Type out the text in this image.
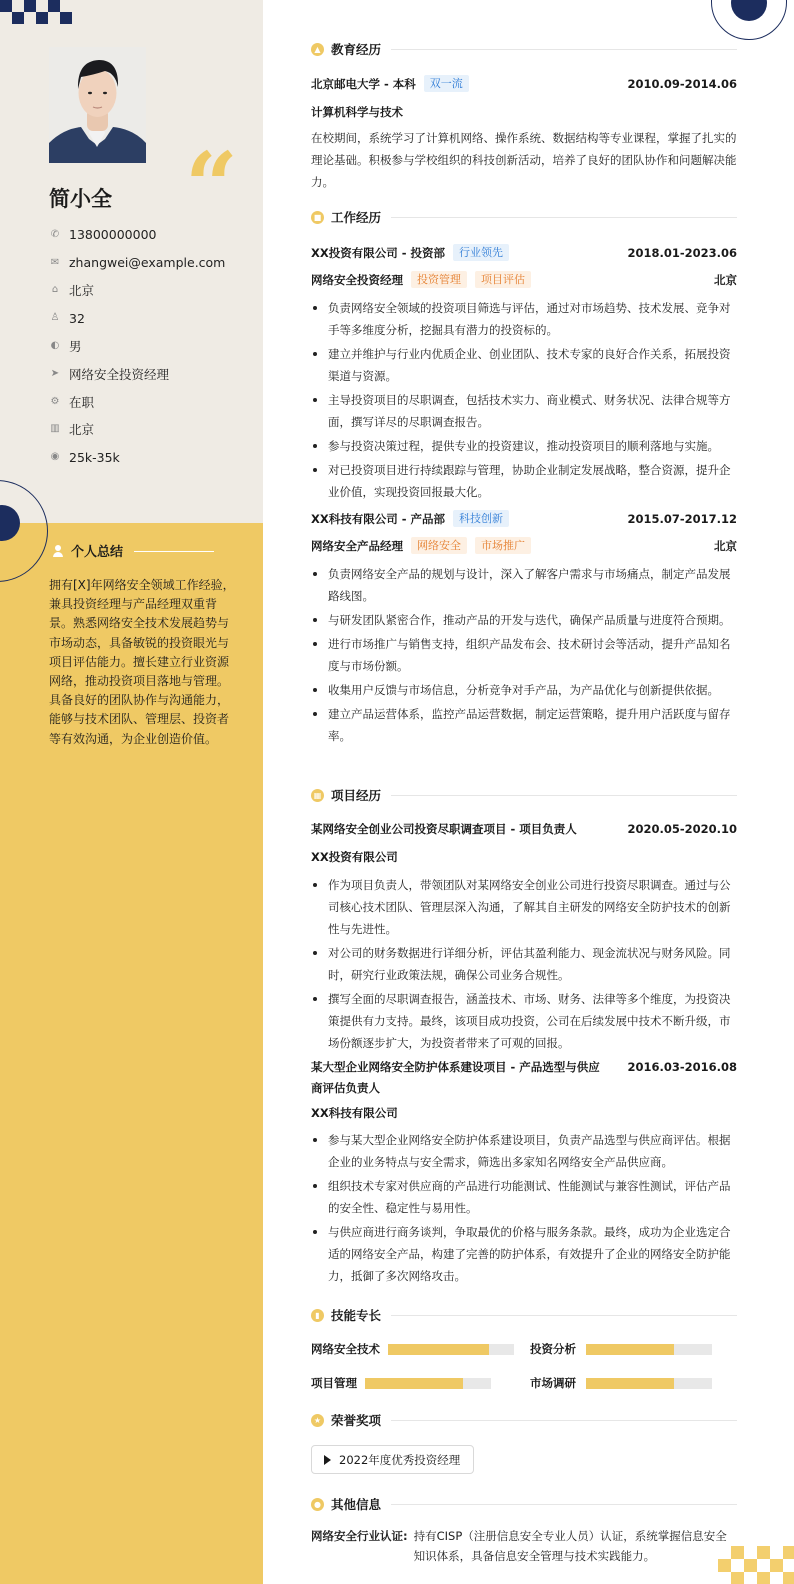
“
简小全
✆ 13800000000
✉ zhangwei@example.com
⌂ 北京
♙ 32
◐ 男
➤ 网络安全投资经理
⚙ 在职
▥ 北京
◉ 25k-35k
个人总结
拥有[X]年网络安全领域工作经验，兼具投资经理与产品经理双重背景。熟悉网络安全技术发展趋势与市场动态，具备敏锐的投资眼光与项目评估能力。擅长建立行业资源网络，推动投资项目落地与管理。具备良好的团队协作与沟通能力，能够与技术团队、管理层、投资者等有效沟通，为企业创造价值。
▲ 教育经历
北京邮电大学 - 本科	双一流	2010.09-2014.06
计算机科学与技术
在校期间，系统学习了计算机网络、操作系统、数据结构等专业课程，掌握了扎实的理论基础。积极参与学校组织的科技创新活动，培养了良好的团队协作和问题解决能力。
■ 工作经历
XX投资有限公司 - 投资部	行业领先	2018.01-2023.06
网络安全投资经理	投资管理	项目评估	北京
负责网络安全领域的投资项目筛选与评估，通过对市场趋势、技术发展、竞争对手等多维度分析，挖掘具有潜力的投资标的。
建立并维护与行业内优质企业、创业团队、技术专家的良好合作关系，拓展投资渠道与资源。
主导投资项目的尽职调查，包括技术实力、商业模式、财务状况、法律合规等方面，撰写详尽的尽职调查报告。
参与投资决策过程，提供专业的投资建议，推动投资项目的顺利落地与实施。
对已投资项目进行持续跟踪与管理，协助企业制定发展战略，整合资源，提升企业价值，实现投资回报最大化。
XX科技有限公司 - 产品部	科技创新	2015.07-2017.12
网络安全产品经理	网络安全	市场推广	北京
负责网络安全产品的规划与设计，深入了解客户需求与市场痛点，制定产品发展路线图。
与研发团队紧密合作，推动产品的开发与迭代，确保产品质量与进度符合预期。
进行市场推广与销售支持，组织产品发布会、技术研讨会等活动，提升产品知名度与市场份额。
收集用户反馈与市场信息，分析竞争对手产品，为产品优化与创新提供依据。
建立产品运营体系，监控产品运营数据，制定运营策略，提升用户活跃度与留存率。
▦ 项目经历
某网络安全创业公司投资尽职调查项目 - 项目负责人	2020.05-2020.10
XX投资有限公司
作为项目负责人，带领团队对某网络安全创业公司进行投资尽职调查。通过与公司核心技术团队、管理层深入沟通，了解其自主研发的网络安全防护技术的创新性与先进性。
对公司的财务数据进行详细分析，评估其盈利能力、现金流状况与财务风险。同时，研究行业政策法规，确保公司业务合规性。
撰写全面的尽职调查报告，涵盖技术、市场、财务、法律等多个维度，为投资决策提供有力支持。最终，该项目成功投资，公司在后续发展中技术不断升级，市场份额逐步扩大，为投资者带来了可观的回报。
某大型企业网络安全防护体系建设项目 - 产品选型与供应
商评估负责人
2016.03-2016.08
XX科技有限公司
参与某大型企业网络安全防护体系建设项目，负责产品选型与供应商评估。根据企业的业务特点与安全需求，筛选出多家知名网络安全产品供应商。
组织技术专家对供应商的产品进行功能测试、性能测试与兼容性测试，评估产品的安全性、稳定性与易用性。
与供应商进行商务谈判，争取最优的价格与服务条款。最终，成功为企业选定合适的网络安全产品，构建了完善的防护体系，有效提升了企业的网络安全防护能力，抵御了多次网络攻击。
▮ 技能专长
网络安全技术	投资分析
项目管理	市场调研
★ 荣誉奖项
2022年度优秀投资经理
● 其他信息
网络安全行业认证: 持有CISP（注册信息安全专业人员）认证，系统掌握信息安全知识体系，具备信息安全管理与技术实践能力。
